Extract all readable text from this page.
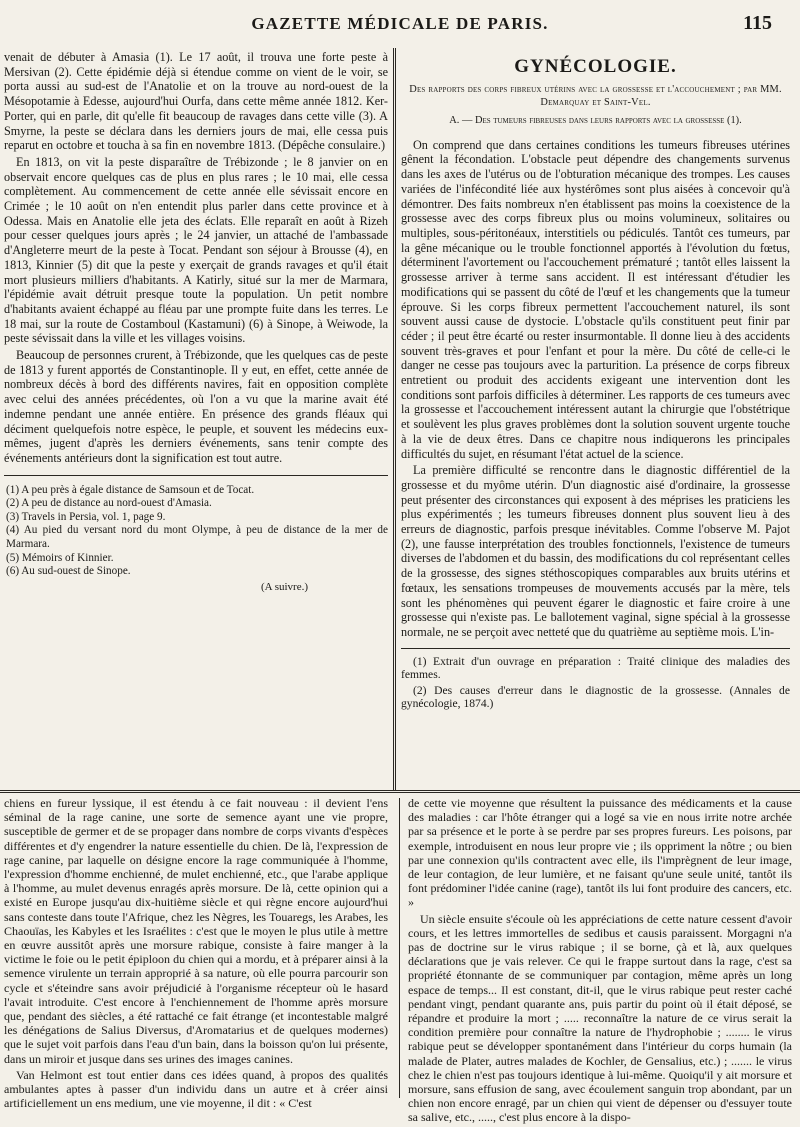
GAZETTE MÉDICALE DE PARIS.	115

venait de débuter à Amasia (1). Le 17 août, il trouva une forte peste à Mersivan (2). Cette épidémie déjà si étendue comme on vient de le voir, se porta aussi au sud-est de l'Anatolie et on la trouve au nord-ouest de la Mésopotamie à Edesse, aujourd'hui Ourfa, dans cette même année 1812. Ker-Porter, qui en parle, dit qu'elle fit beaucoup de ravages dans cette ville (3). A Smyrne, la peste se déclara dans les derniers jours de mai, elle cessa puis reparut en octobre et toucha à sa fin en novembre 1813. (Dépêche consulaire.)

En 1813, on vit la peste disparaître de Trébizonde ; le 8 janvier on en observait encore quelques cas de plus en plus rares ; le 10 mai, elle cessa complètement. Au commencement de cette année elle sévissait encore en Crimée ; le 10 août on n'en entendit plus parler dans cette province et à Odessa. Mais en Anatolie elle jeta des éclats. Elle reparaît en août à Rizeh pour cesser quelques jours après ; le 24 janvier, un attaché de l'ambassade d'Angleterre meurt de la peste à Tocat. Pendant son séjour à Brousse (4), en 1813, Kinnier (5) dit que la peste y exerçait de grands ravages et qu'il était mort plusieurs milliers d'habitants. A Katirly, situé sur la mer de Marmara, l'épidémie avait détruit presque toute la population. Un petit nombre d'habitants avaient échappé au fléau par une prompte fuite dans les terres. Le 18 mai, sur la route de Costamboul (Kastamuni) (6) à Sinope, à Weiwode, la peste sévissait dans la ville et les villages voisins.

Beaucoup de personnes crurent, à Trébizonde, que les quelques cas de peste de 1813 y furent apportés de Constantinople. Il y eut, en effet, cette année de nombreux décès à bord des différents navires, fait en opposition complète avec celui des années précédentes, où l'on a vu que la marine avait été indemne pendant une année entière. En présence des grands fléaux qui déciment quelquefois notre espèce, le peuple, et souvent les médecins eux-mêmes, jugent d'après les derniers événements, sans tenir compte des événements antérieurs dont la signification est tout autre.

(1) A peu près à égale distance de Samsoun et de Tocat.
(2) A peu de distance au nord-ouest d'Amasia.
(3) Travels in Persia, vol. 1, page 9.
(4) Au pied du versant nord du mont Olympe, à peu de distance de la mer de Marmara.
(5) Mémoirs of Kinnier.
(6) Au sud-ouest de Sinope.
(A suivre.)
GYNÉCOLOGIE.
Des rapports des corps fibreux utérins avec la grossesse et l'accouchement ; par MM. Demarquay et Saint-Vel.
A. — Des tumeurs fibreuses dans leurs rapports avec la grossesse (1).

On comprend que dans certaines conditions les tumeurs fibreuses utérines gênent la fécondation. L'obstacle peut dépendre des changements survenus dans les axes de l'utérus ou de l'obturation mécanique des trompes. Les causes variées de l'infécondité liée aux hystérômes sont plus aisées à concevoir qu'à démontrer. Des faits nombreux n'en établissent pas moins la coexistence de la grossesse avec des corps fibreux plus ou moins volumineux, solitaires ou multiples, sous-péritonéaux, interstitiels ou pédiculés. Tantôt ces tumeurs, par la gêne mécanique ou le trouble fonctionnel apportés à l'évolution du fœtus, déterminent l'avortement ou l'accouchement prématuré ; tantôt elles laissent la grossesse arriver à terme sans accident. Il est intéressant d'étudier les modifications qui se passent du côté de l'œuf et les changements que la tumeur éprouve. Si les corps fibreux permettent l'accouchement naturel, ils sont souvent aussi cause de dystocie. L'obstacle qu'ils constituent peut finir par céder ; il peut être écarté ou rester insurmontable. Il donne lieu à des accidents souvent très-graves et pour l'enfant et pour la mère. Du côté de celle-ci le danger ne cesse pas toujours avec la parturition. La présence de corps fibreux entretient ou produit des accidents exigeant une intervention dont les conditions sont parfois difficiles à déterminer. Les rapports de ces tumeurs avec la grossesse et l'accouchement intéressent autant la chirurgie que l'obstétrique et soulèvent les plus graves problèmes dont la solution souvent urgente touche à la vie de deux êtres. Dans ce chapitre nous indiquerons les principales difficultés du sujet, en résumant l'état actuel de la science.

La première difficulté se rencontre dans le diagnostic différentiel de la grossesse et du myôme utérin. D'un diagnostic aisé d'ordinaire, la grossesse peut présenter des circonstances qui exposent à des méprises les praticiens les plus expérimentés ; les tumeurs fibreuses donnent plus souvent lieu à des erreurs de diagnostic, parfois presque inévitables. Comme l'observe M. Pajot (2), une fausse interprétation des troubles fonctionnels, l'existence de tumeurs diverses de l'abdomen et du bassin, des modifications du col représentant celles de la grossesse, des signes stéthoscopiques comparables aux bruits utérins et fœtaux, les sensations trompeuses de mouvements accusés par la mère, tels sont les phénomènes qui peuvent égarer le diagnostic et faire croire à une grossesse qui n'existe pas. Le ballotement vaginal, signe spécial à la grossesse normale, ne se perçoit avec netteté que du quatrième au septième mois. L'in-

(1) Extrait d'un ouvrage en préparation : Traité clinique des maladies des femmes.

(2) Des causes d'erreur dans le diagnostic de la grossesse. (Annales de gynécologie, 1874.)

chiens en fureur lyssique, il est étendu à ce fait nouveau : il devient l'ens séminal de la rage canine, une sorte de semence ayant une vie propre, susceptible de germer et de se propager dans nombre de corps vivants d'espèces différentes et d'y engendrer la nature essentielle du chien. De là, l'expression de rage canine, par laquelle on désigne encore la rage communiquée à l'homme, l'expression d'homme enchienné, de mulet enchienné, etc., que l'arabe applique à l'homme, au mulet devenus enragés après morsure. De là, cette opinion qui a existé en Europe jusqu'au dix-huitième siècle et qui règne encore aujourd'hui sans conteste dans toute l'Afrique, chez les Nègres, les Touaregs, les Arabes, les Chaouïas, les Kabyles et les Israélites : c'est que le moyen le plus utile à mettre en œuvre aussitôt après une morsure rabique, consiste à faire manger à la victime le foie ou le petit épiploon du chien qui a mordu, et à préparer ainsi à la semence virulente un terrain approprié à sa nature, où elle pourra parcourir son cycle et s'éteindre sans avoir préjudicié à l'organisme récepteur où le hasard l'avait introduite. C'est encore à l'enchiennement de l'homme après morsure que, pendant des siècles, a été rattaché ce fait étrange (et incontestable malgré les dénégations de Salius Diversus, d'Aromatarius et de quelques modernes) que le sujet voit parfois dans l'eau d'un bain, dans la boisson qu'on lui présente, dans un miroir et jusque dans ses urines des images canines.

Van Helmont est tout entier dans ces idées quand, à propos des qualités ambulantes aptes à passer d'un individu dans un autre et à créer ainsi artificiellement un ens medium, une vie moyenne, il dit : « C'est

de cette vie moyenne que résultent la puissance des médicaments et la cause des maladies : car l'hôte étranger qui a logé sa vie en nous irrite notre archée par sa présence et le porte à se perdre par ses propres fureurs. Les poisons, par exemple, introduisent en nous leur propre vie ; ils oppriment la nôtre ; ou bien par une connexion qu'ils contractent avec elle, ils l'imprègnent de leur image, de leur contagion, de leur lumière, et ne faisant qu'une seule unité, tantôt ils font prédominer l'idée canine (rage), tantôt ils lui font produire des cancers, etc. »

Un siècle ensuite s'écoule où les appréciations de cette nature cessent d'avoir cours, et les lettres immortelles de sedibus et causis paraissent. Morgagni n'a pas de doctrine sur le virus rabique ; il se borne, çà et là, aux quelques déclarations que je vais relever. Ce qui le frappe surtout dans la rage, c'est sa propriété étonnante de se communiquer par contagion, même après un long espace de temps... Il est constant, dit-il, que le virus rabique peut rester caché pendant vingt, pendant quarante ans, puis partir du point où il était déposé, se répandre et produire la mort ; ..... reconnaître la nature de ce virus serait la condition première pour connaître la nature de l'hydrophobie ; ........ le virus rabique peut se développer spontanément dans l'intérieur du corps humain (la malade de Plater, autres malades de Kochler, de Gensalius, etc.) ; ....... le virus chez le chien n'est pas toujours identique à lui-même. Quoiqu'il y ait morsure et morsure, sans effusion de sang, avec écoulement sanguin trop abondant, par un chien non encore enragé, par un chien qui vient de dépenser ou d'essuyer toute sa salive, etc., ....., c'est plus encore à la dispo-
